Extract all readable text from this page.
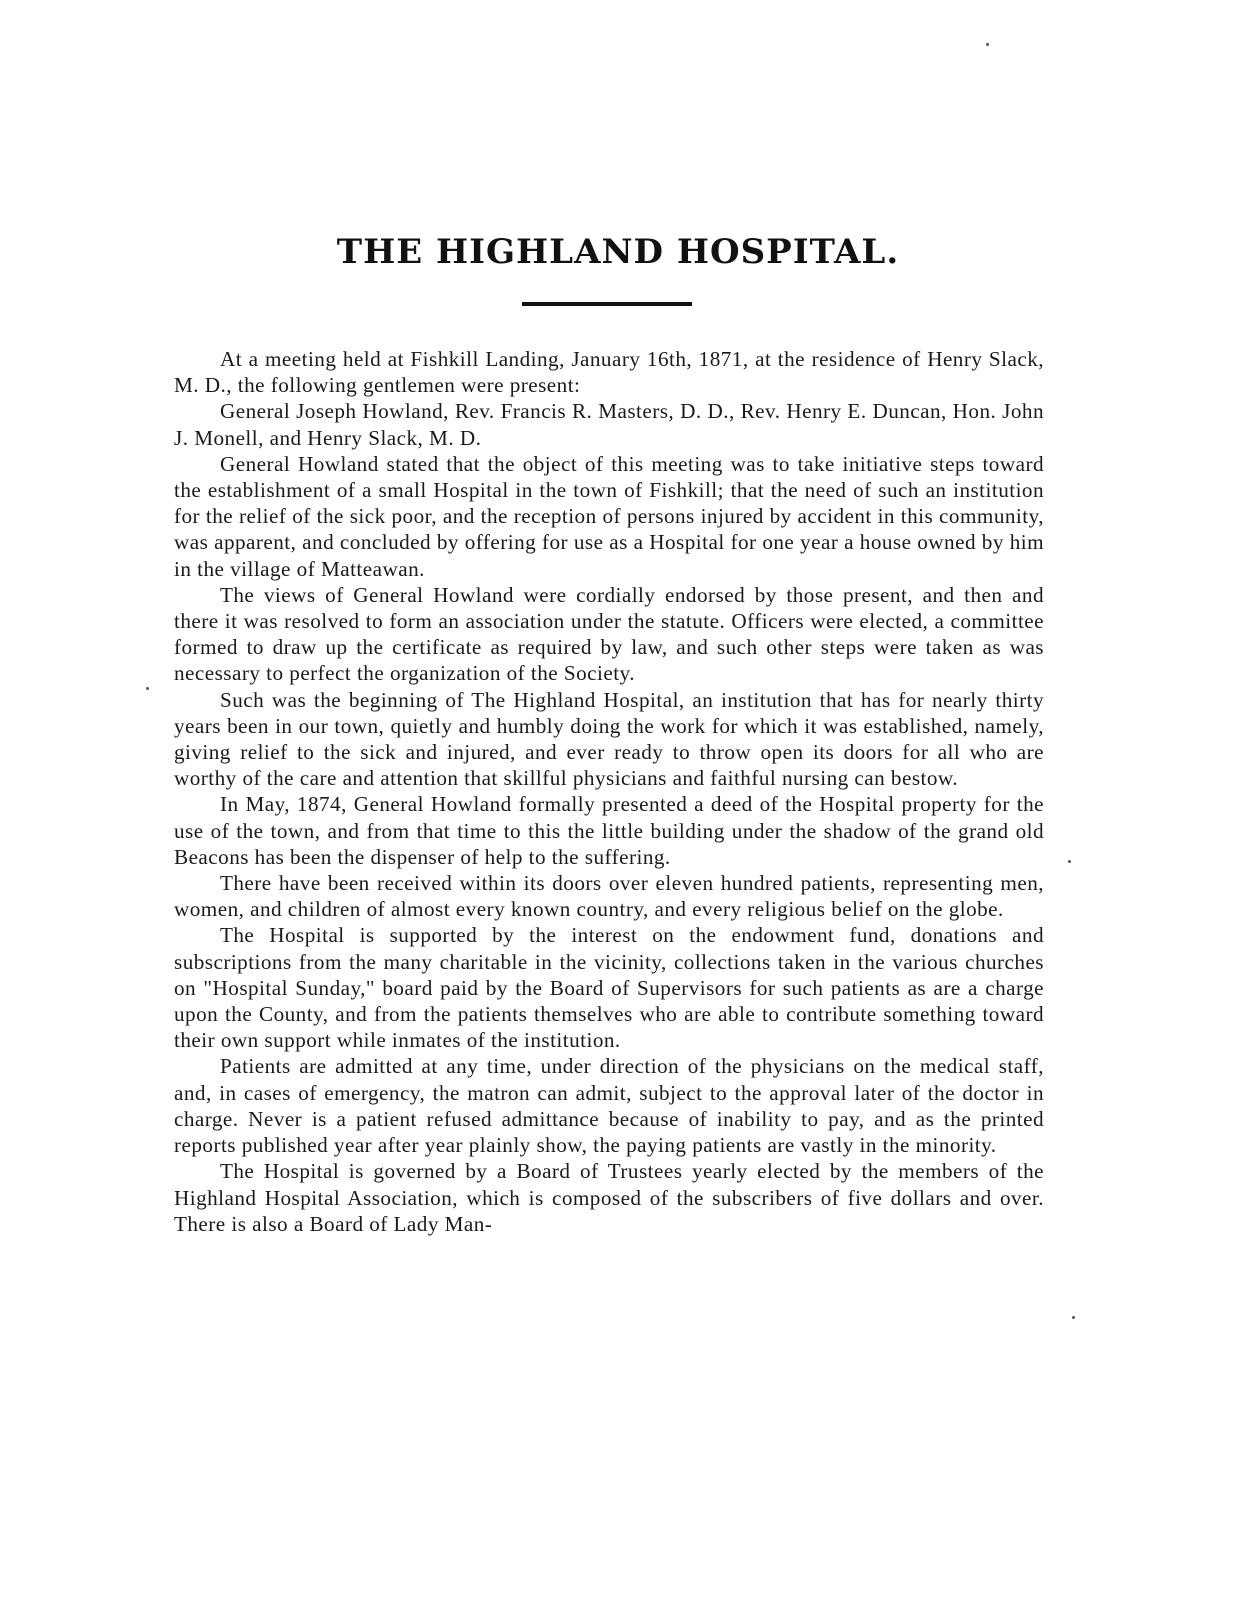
THE HIGHLAND HOSPITAL.

At a meeting held at Fishkill Landing, January 16th, 1871, at the residence of Henry Slack, M. D., the following gentlemen were present:

General Joseph Howland, Rev. Francis R. Masters, D. D., Rev. Henry E. Duncan, Hon. John J. Monell, and Henry Slack, M. D.

General Howland stated that the object of this meeting was to take initiative steps toward the establishment of a small Hospital in the town of Fishkill; that the need of such an institution for the relief of the sick poor, and the reception of persons injured by accident in this community, was apparent, and concluded by offering for use as a Hospital for one year a house owned by him in the village of Matteawan.

The views of General Howland were cordially endorsed by those present, and then and there it was resolved to form an association under the statute. Officers were elected, a committee formed to draw up the certificate as required by law, and such other steps were taken as was necessary to perfect the organization of the Society.

Such was the beginning of The Highland Hospital, an institution that has for nearly thirty years been in our town, quietly and humbly doing the work for which it was established, namely, giving relief to the sick and injured, and ever ready to throw open its doors for all who are worthy of the care and attention that skillful physicians and faithful nursing can bestow.

In May, 1874, General Howland formally presented a deed of the Hospital property for the use of the town, and from that time to this the little building under the shadow of the grand old Beacons has been the dispenser of help to the suffering.

There have been received within its doors over eleven hundred patients, representing men, women, and children of almost every known country, and every religious belief on the globe.

The Hospital is supported by the interest on the endowment fund, donations and subscriptions from the many charitable in the vicinity, collections taken in the various churches on "Hospital Sunday," board paid by the Board of Supervisors for such patients as are a charge upon the County, and from the patients themselves who are able to contribute something toward their own support while inmates of the institution.

Patients are admitted at any time, under direction of the physicians on the medical staff, and, in cases of emergency, the matron can admit, subject to the approval later of the doctor in charge. Never is a patient refused admittance because of inability to pay, and as the printed reports published year after year plainly show, the paying patients are vastly in the minority.

The Hospital is governed by a Board of Trustees yearly elected by the members of the Highland Hospital Association, which is composed of the subscribers of five dollars and over. There is also a Board of Lady Man-
